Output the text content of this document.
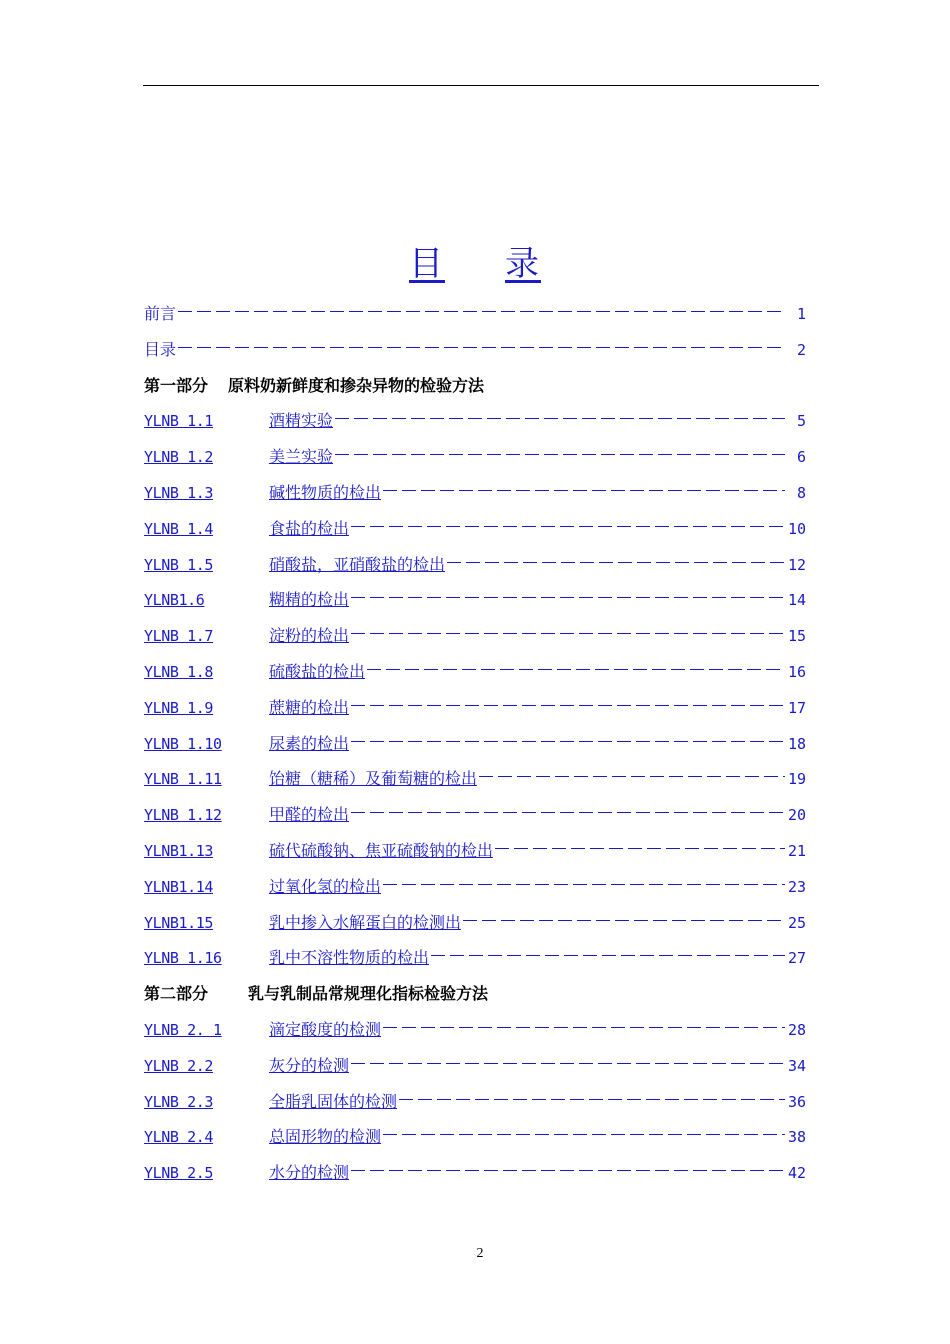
目 录
前言	1
目录	2
第一部分 原料奶新鲜度和掺杂异物的检验方法
YLNB 1.1	酒精实验	5
YLNB 1.2	美兰实验	6
YLNB 1.3	碱性物质的检出	8
YLNB 1.4	食盐的检出	10
YLNB 1.5	硝酸盐，亚硝酸盐的检出	12
YLNB1.6	糊精的检出	14
YLNB 1.7	淀粉的检出	15
YLNB 1.8	硫酸盐的检出	16
YLNB 1.9	蔗糖的检出	17
YLNB 1.10	尿素的检出	18
YLNB 1.11	饴糖（糖稀）及葡萄糖的检出	19
YLNB 1.12	甲醛的检出	20
YLNB1.13	硫代硫酸钠、焦亚硫酸钠的检出	21
YLNB1.14	过氧化氢的检出	23
YLNB1.15	乳中掺入水解蛋白的检测出	25
YLNB 1.16	乳中不溶性物质的检出	27
第二部分	乳与乳制品常规理化指标检验方法
YLNB 2. 1	滴定酸度的检测	28
YLNB 2.2	灰分的检测	34
YLNB 2.3	全脂乳固体的检测	36
YLNB 2.4	总固形物的检测	38
YLNB 2.5	水分的检测	42
2
